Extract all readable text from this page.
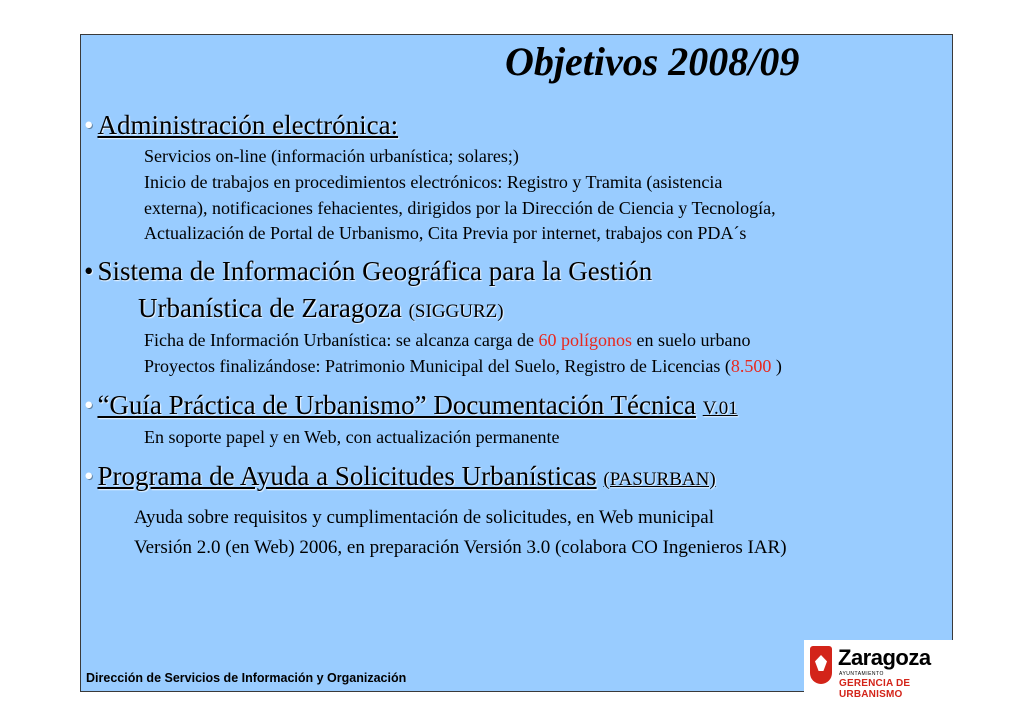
Objetivos 2008/09
• Administración electrónica:
Servicios on-line (información urbanística; solares;)
Inicio de trabajos en procedimientos electrónicos: Registro y Tramita (asistencia
externa), notificaciones fehacientes, dirigidos por la Dirección de Ciencia y Tecnología,
Actualización de Portal de Urbanismo, Cita Previa por internet, trabajos con PDA´s
• Sistema de Información Geográfica para la Gestión
Urbanística de Zaragoza (SIGGURZ)
Ficha de Información Urbanística: se alcanza carga de 60 polígonos en suelo urbano
Proyectos finalizándose: Patrimonio Municipal del Suelo, Registro de Licencias (8.500 )
• “Guía Práctica de Urbanismo” Documentación Técnica V.01
En soporte papel y en Web, con actualización permanente
• Programa de Ayuda a Solicitudes Urbanísticas (PASURBAN)
Ayuda sobre requisitos y cumplimentación de solicitudes, en Web municipal
Versión 2.0 (en Web) 2006, en preparación Versión 3.0 (colabora CO Ingenieros IAR)
Dirección de Servicios de Información y Organización
Zaragoza
AYUNTAMIENTO
GERENCIA DE URBANISMO
